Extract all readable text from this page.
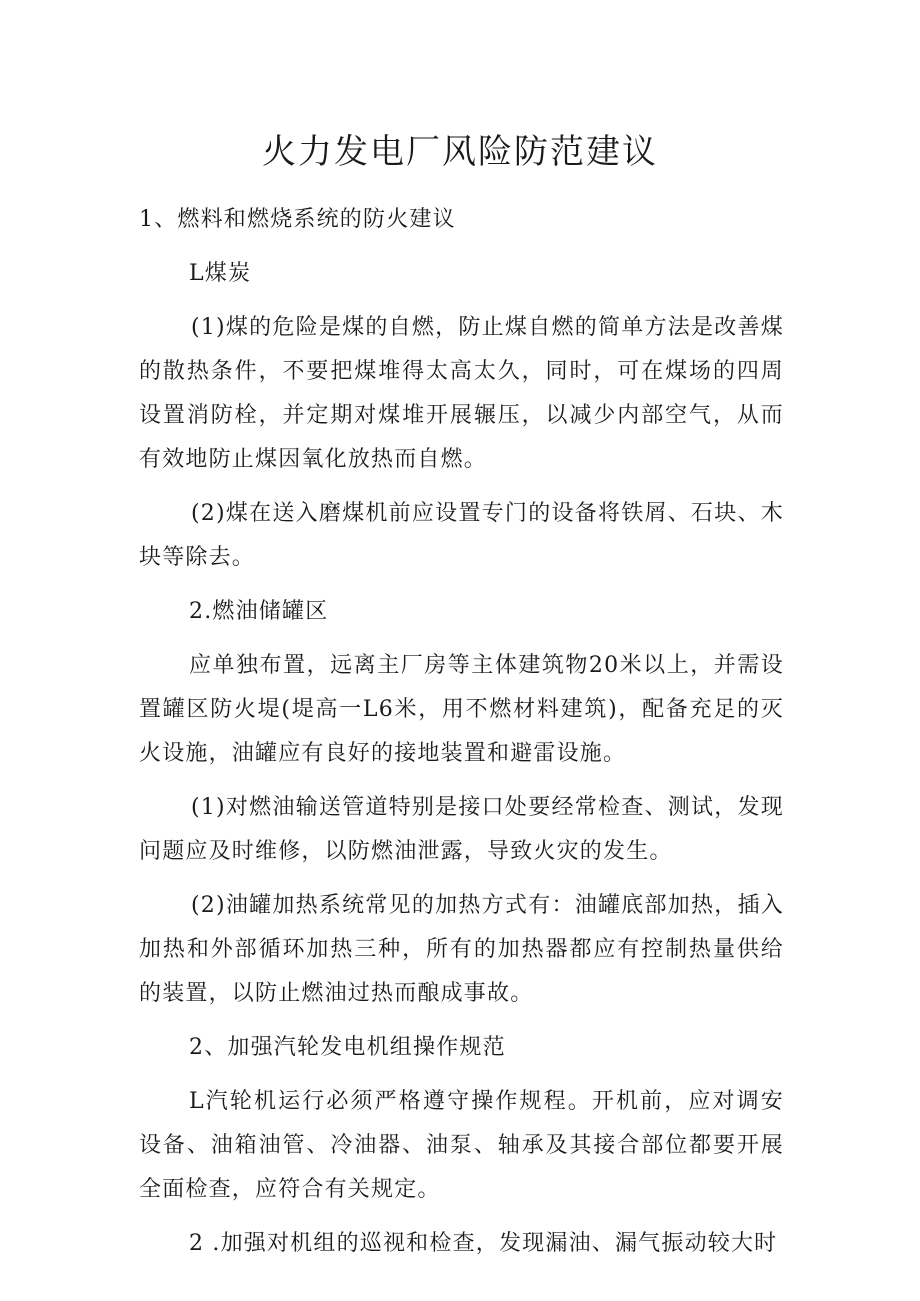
火力发电厂风险防范建议

1、燃料和燃烧系统的防火建议

L煤炭

(1)煤的危险是煤的自燃，防止煤自燃的简单方法是改善煤的散热条件，不要把煤堆得太高太久，同时，可在煤场的四周设置消防栓，并定期对煤堆开展辗压，以减少内部空气，从而有效地防止煤因氧化放热而自燃。

(2)煤在送入磨煤机前应设置专门的设备将铁屑、石块、木块等除去。

2.燃油储罐区

应单独布置，远离主厂房等主体建筑物20米以上，并需设置罐区防火堤(堤高一L6米，用不燃材料建筑)，配备充足的灭火设施，油罐应有良好的接地装置和避雷设施。

(1)对燃油输送管道特别是接口处要经常检查、测试，发现问题应及时维修，以防燃油泄露，导致火灾的发生。

(2)油罐加热系统常见的加热方式有：油罐底部加热，插入加热和外部循环加热三种，所有的加热器都应有控制热量供给的装置，以防止燃油过热而酿成事故。

2、加强汽轮发电机组操作规范

L汽轮机运行必须严格遵守操作规程。开机前，应对调安设备、油箱油管、冷油器、油泵、轴承及其接合部位都要开展全面检查，应符合有关规定。

2 .加强对机组的巡视和检查，发现漏油、漏气振动较大时
